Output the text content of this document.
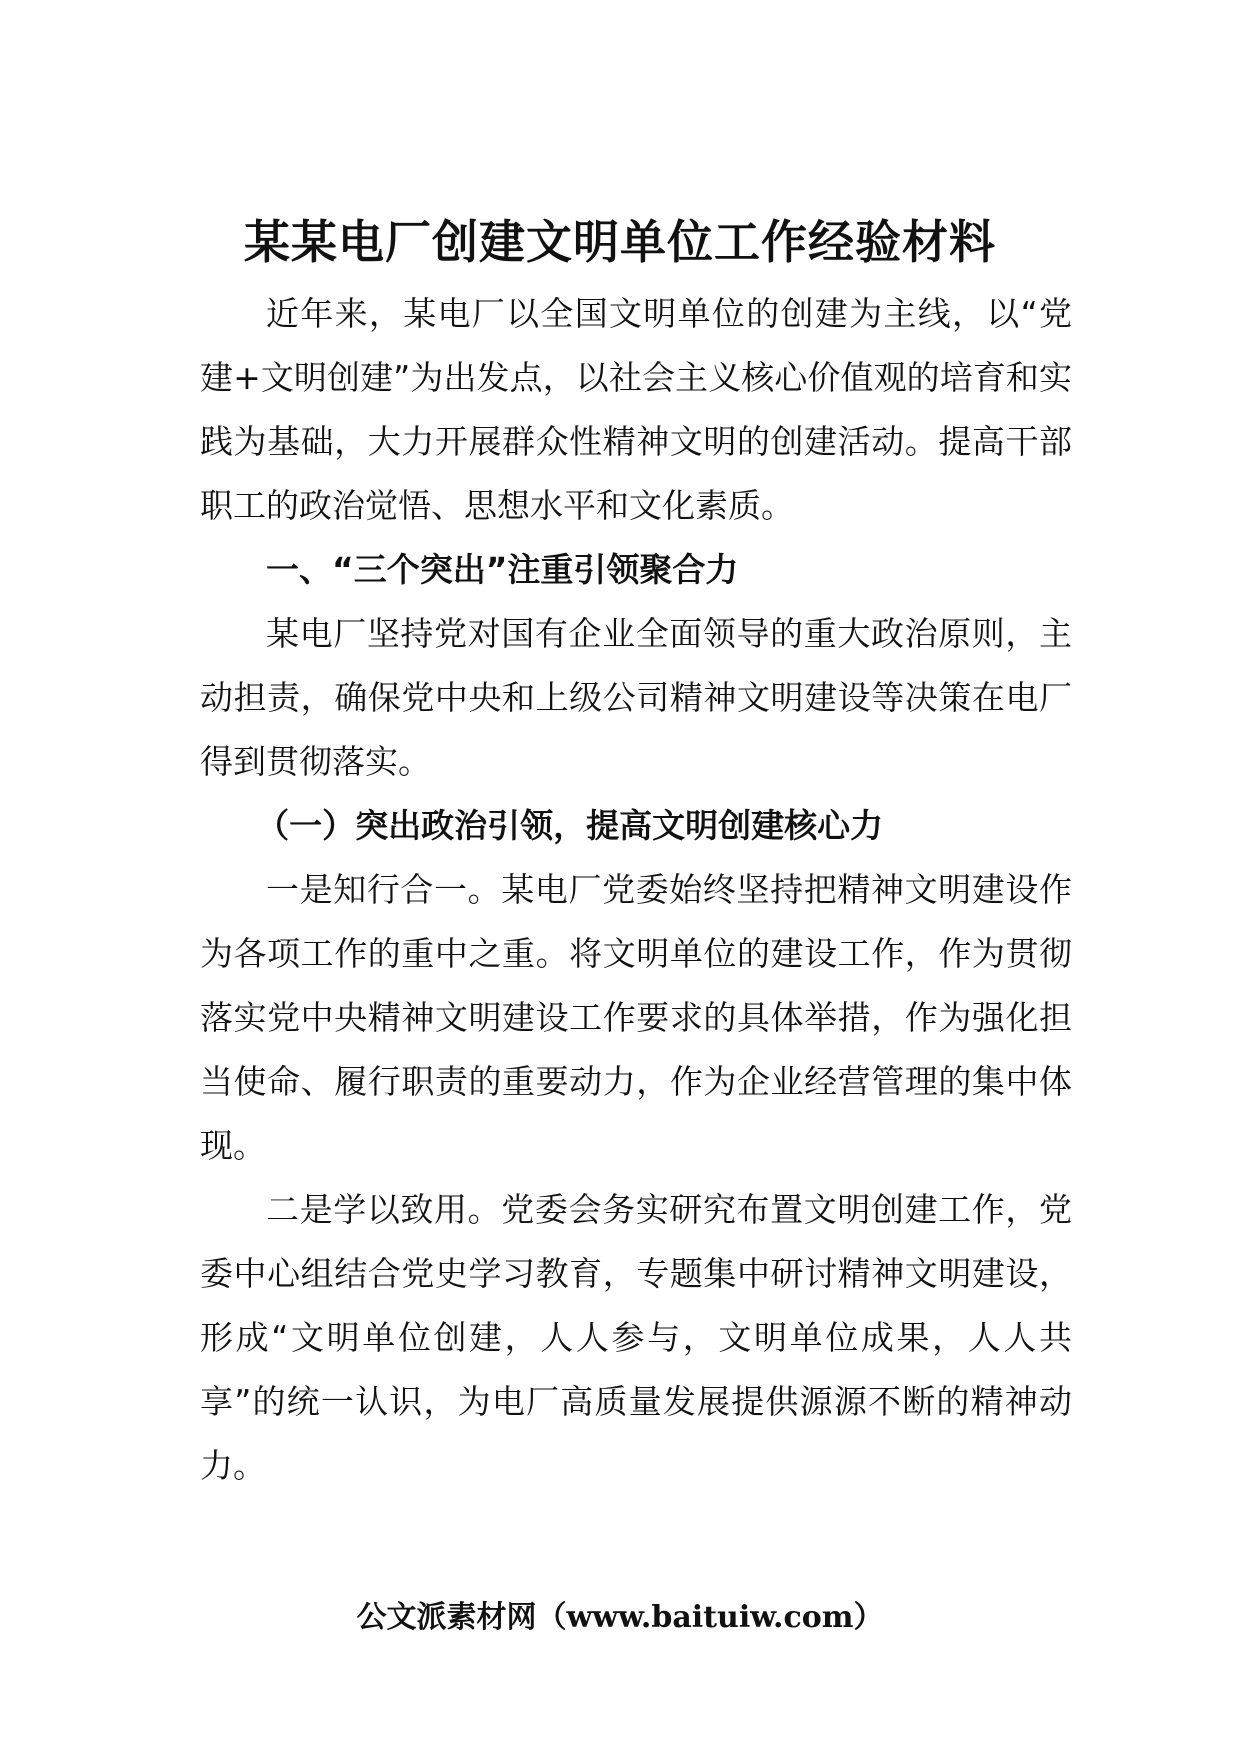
某某电厂创建文明单位工作经验材料

近年来，某电厂以全国文明单位的创建为主线，以“党建+文明创建”为出发点，以社会主义核心价值观的培育和实践为基础，大力开展群众性精神文明的创建活动。提高干部职工的政治觉悟、思想水平和文化素质。

一、“三个突出”注重引领聚合力

某电厂坚持党对国有企业全面领导的重大政治原则，主动担责，确保党中央和上级公司精神文明建设等决策在电厂得到贯彻落实。

（一）突出政治引领，提高文明创建核心力

一是知行合一。某电厂党委始终坚持把精神文明建设作为各项工作的重中之重。将文明单位的建设工作，作为贯彻落实党中央精神文明建设工作要求的具体举措，作为强化担当使命、履行职责的重要动力，作为企业经营管理的集中体现。

二是学以致用。党委会务实研究布置文明创建工作，党委中心组结合党史学习教育，专题集中研讨精神文明建设，形成“文明单位创建，人人参与，文明单位成果，人人共享”的统一认识，为电厂高质量发展提供源源不断的精神动力。

公文派素材网（www.baituiw.com）
